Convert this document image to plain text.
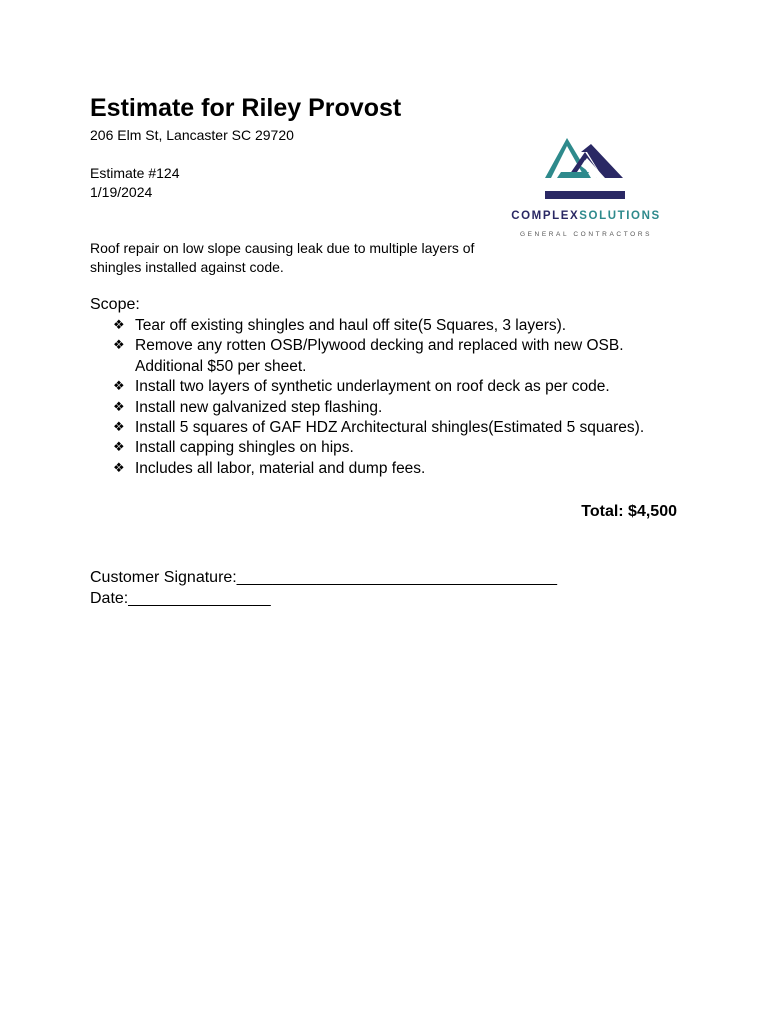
Estimate for Riley Provost
206 Elm St, Lancaster SC 29720
Estimate #124
1/19/2024
COMPLEXSOLUTIONS
GENERAL CONTRACTORS
Roof repair on low slope causing leak due to multiple layers of shingles installed against code.
Scope:
❖ Tear off existing shingles and haul off site(5 Squares, 3 layers).
❖ Remove any rotten OSB/Plywood decking and replaced with new OSB. Additional $50 per sheet.
❖ Install two layers of synthetic underlayment on roof deck as per code.
❖ Install new galvanized step flashing.
❖ Install 5 squares of GAF HDZ Architectural shingles(Estimated 5 squares).
❖ Install capping shingles on hips.
❖ Includes all labor, material and dump fees.
Total: $4,500
Customer Signature:____________________________________
Date:________________
